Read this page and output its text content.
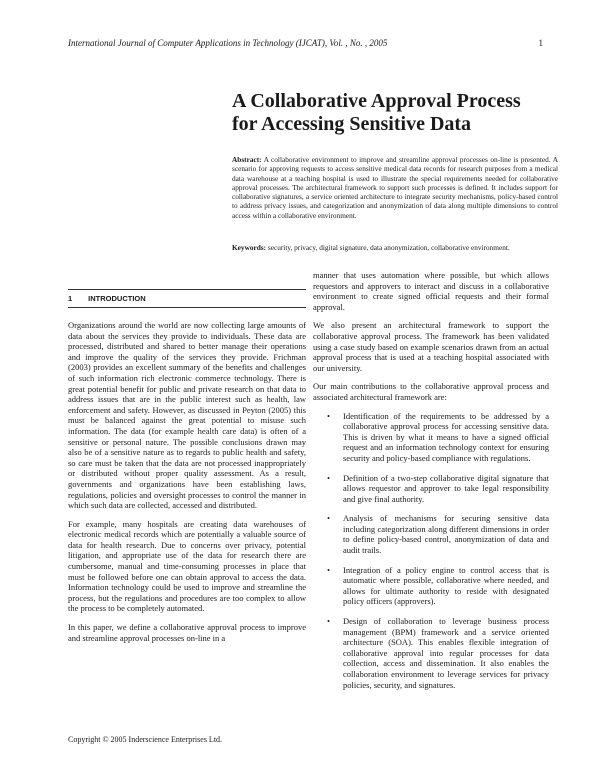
International Journal of Computer Applications in Technology (IJCAT), Vol. , No. , 2005	1
A Collaborative Approval Process
for Accessing Sensitive Data

Abstract: A collaborative environment to improve and streamline approval processes on-line is presented. A scenario for approving requests to access sensitive medical data records for research purposes from a medical data warehouse at a teaching hospital is used to illustrate the special requirements needed for collaborative approval processes. The architectural framework to support such processes is defined. It includes support for collaborative signatures, a service oriented architecture to integrate security mechanisms, policy-based control to address privacy issues, and categorization and anonymization of data along multiple dimensions to control access within a collaborative environment.

Keywords: security, privacy, digital signature, data anonymization, collaborative environment.

1 INTRODUCTION

Organizations around the world are now collecting large amounts of data about the services they provide to individuals. These data are processed, distributed and shared to better manage their operations and improve the quality of the services they provide. Frichman (2003) provides an excellent summary of the benefits and challenges of such information rich electronic commerce technology. There is great potential benefit for public and private research on that data to address issues that are in the public interest such as health, law enforcement and safety. However, as discussed in Peyton (2005) this must be balanced against the great potential to misuse such information. The data (for example health care data) is often of a sensitive or personal nature. The possible conclusions drawn may also be of a sensitive nature as to regards to public health and safety, so care must be taken that the data are not processed inappropriately or distributed without proper quality assessment. As a result, governments and organizations have been establishing laws, regulations, policies and oversight processes to control the manner in which such data are collected, accessed and distributed.

For example, many hospitals are creating data warehouses of electronic medical records which are potentially a valuable source of data for health research. Due to concerns over privacy, potential litigation, and appropriate use of the data for research there are cumbersome, manual and time-consuming processes in place that must be followed before one can obtain approval to access the data. Information technology could be used to improve and streamline the process, but the regulations and procedures are too complex to allow the process to be completely automated.

In this paper, we define a collaborative approval process to improve and streamline approval processes on-line in a

manner that uses automation where possible, but which allows requestors and approvers to interact and discuss in a collaborative environment to create signed official requests and their formal approval.

We also present an architectural framework to support the collaborative approval process. The framework has been validated using a case study based on example scenarios drawn from an actual approval process that is used at a teaching hospital associated with our university.

Our main contributions to the collaborative approval process and associated architectural framework are:

• Identification of the requirements to be addressed by a collaborative approval process for accessing sensitive data. This is driven by what it means to have a signed official request and an information technology context for ensuring security and policy-based compliance with regulations.
• Definition of a two-step collaborative digital signature that allows requestor and approver to take legal responsibility and give final authority.
• Analysis of mechanisms for securing sensitive data including categorization along different dimensions in order to define policy-based control, anonymization of data and audit trails.
• Integration of a policy engine to control access that is automatic where possible, collaborative where needed, and allows for ultimate authority to reside with designated policy officers (approvers).
• Design of collaboration to leverage business process management (BPM) framework and a service oriented architecture (SOA). This enables flexible integration of collaborative approval into regular processes for data collection, access and dissemination. It also enables the collaboration environment to leverage services for privacy policies, security, and signatures.
Copyright © 2005 Inderscience Enterprises Ltd.
